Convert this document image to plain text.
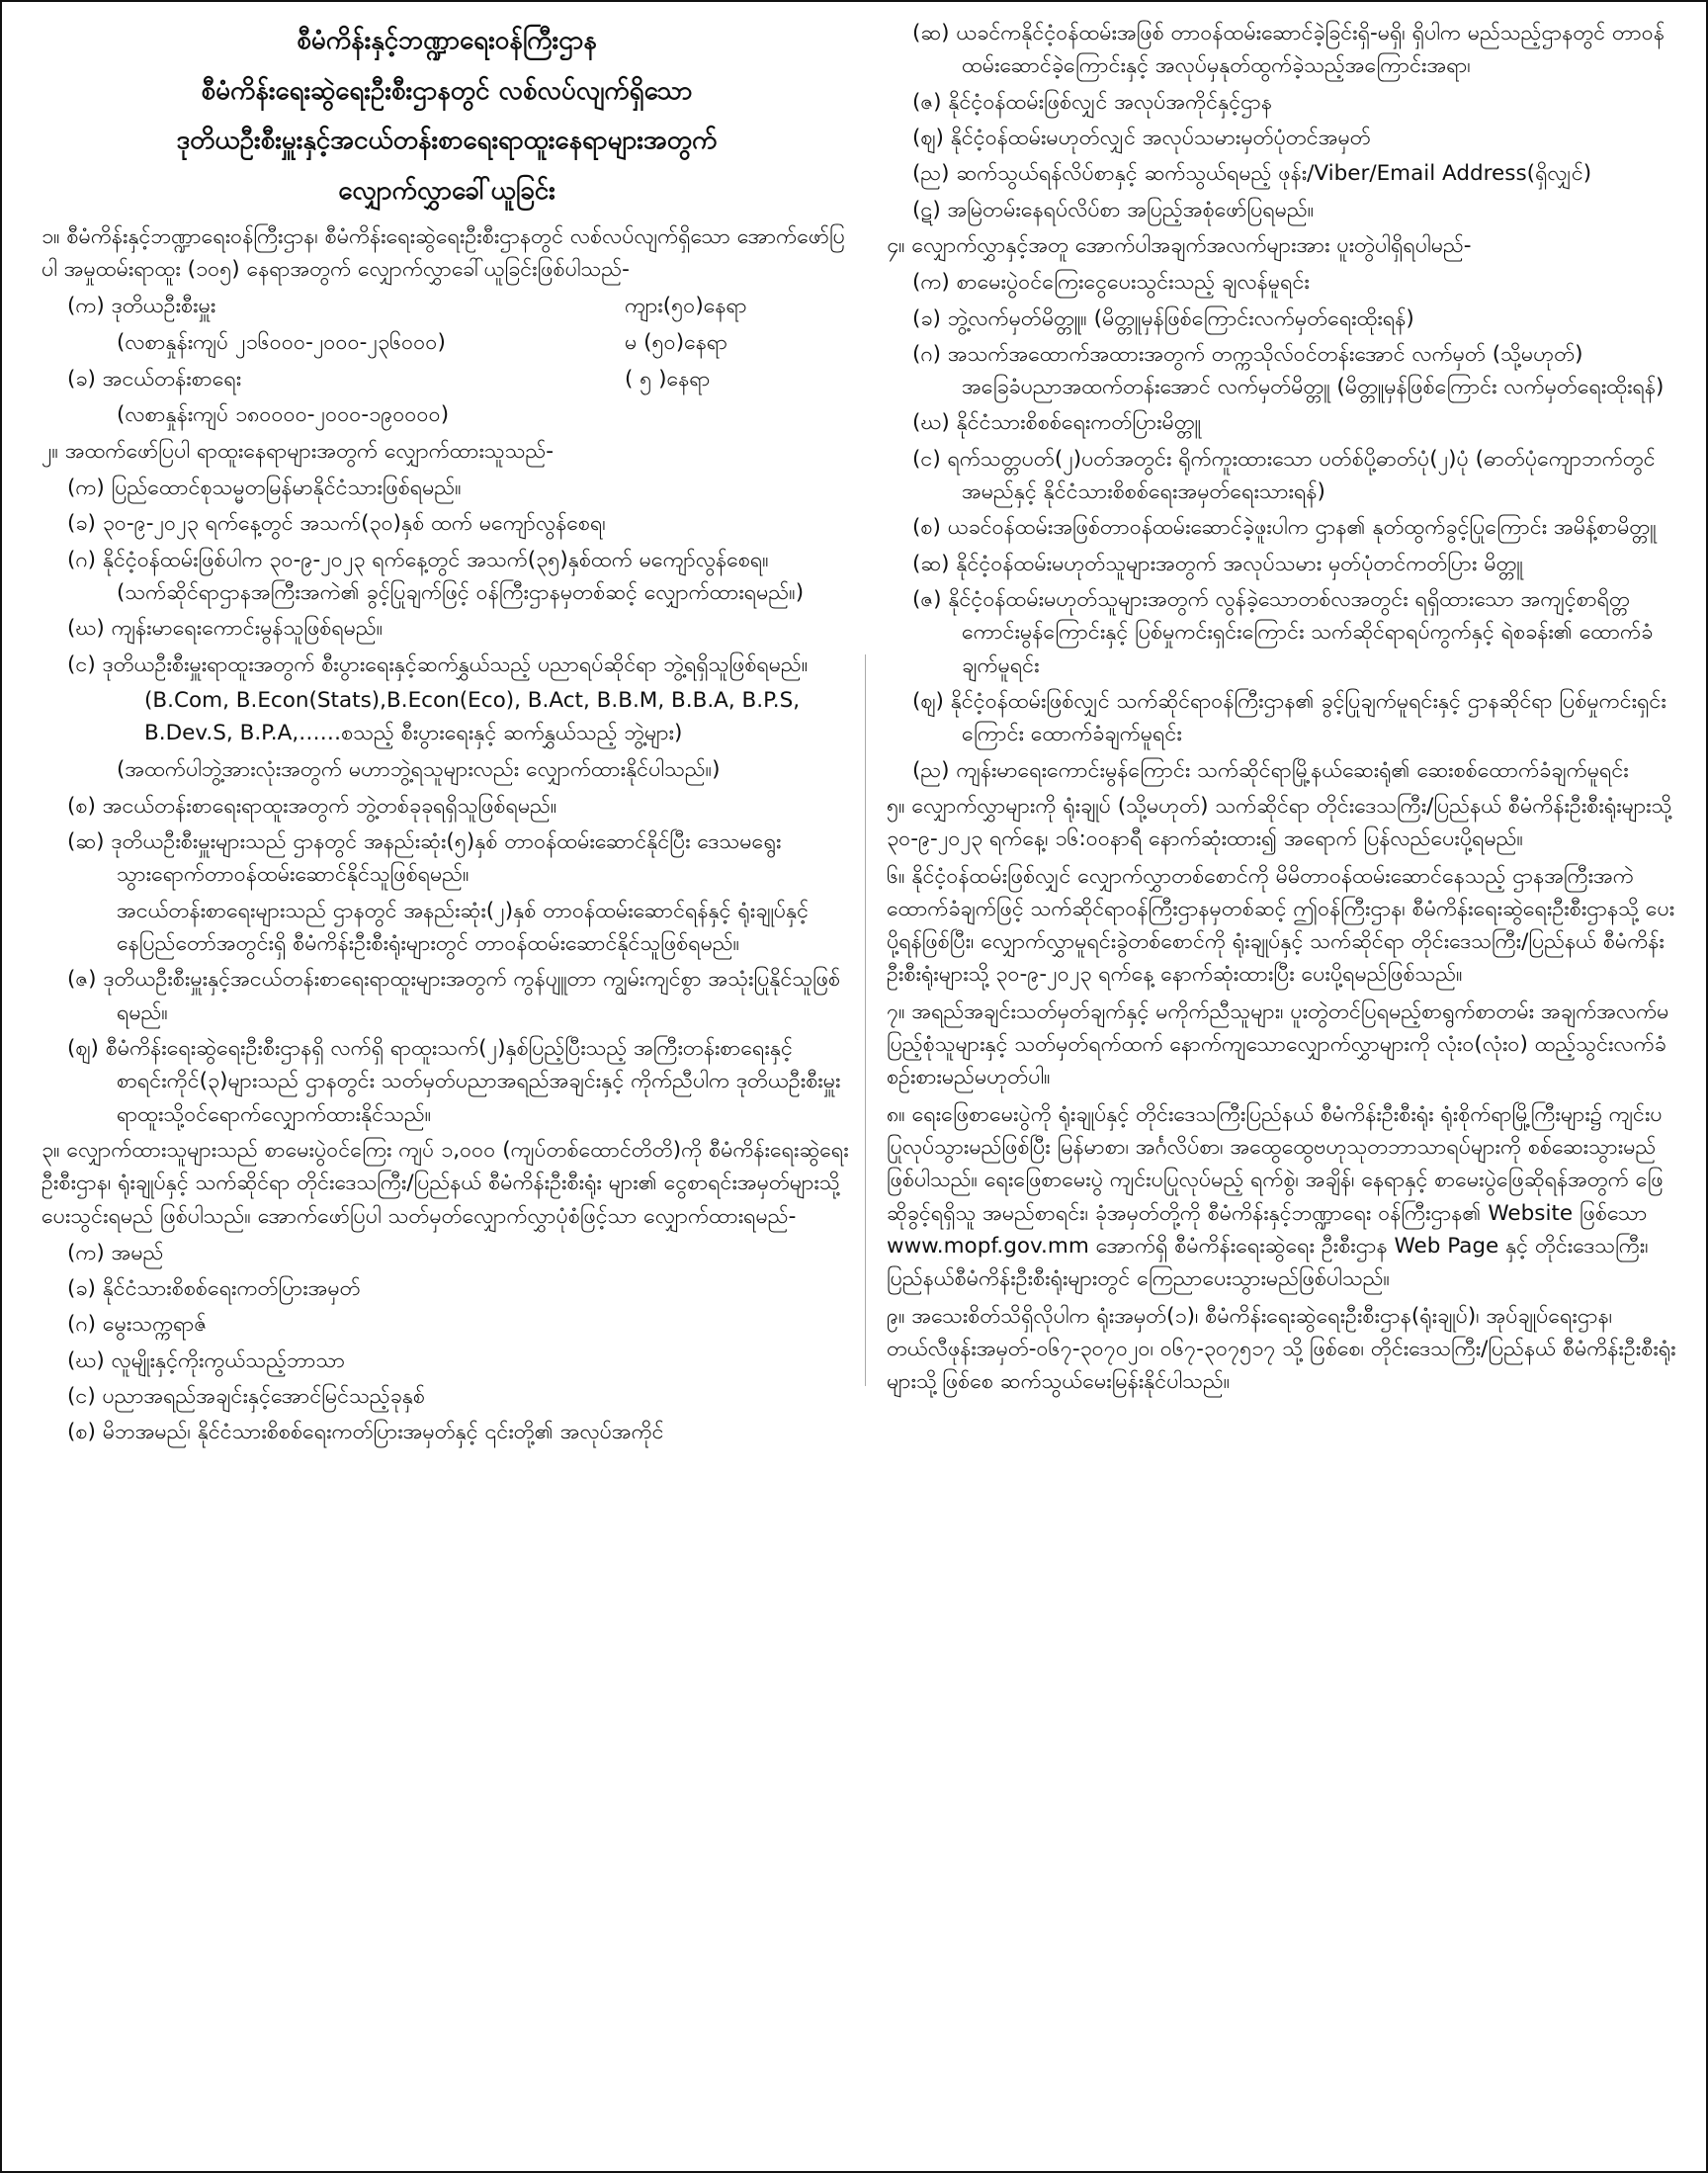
စီမံကိန်းနှင့်ဘဏ္ဍာရေးဝန်ကြီးဌာန
စီမံကိန်းရေးဆွဲရေးဦးစီးဌာနတွင် လစ်လပ်လျက်ရှိသော
ဒုတိယဦးစီးမှူးနှင့်အငယ်တန်းစာရေးရာထူးနေရာများအတွက်
လျှောက်လွှာခေါ်ယူခြင်း

၁။ စီမံကိန်းနှင့်ဘဏ္ဍာရေးဝန်ကြီးဌာန၊ စီမံကိန်းရေးဆွဲရေးဦးစီးဌာနတွင် လစ်လပ်လျက်ရှိသော အောက်ဖော်ပြပါ အမှုထမ်းရာထူး (၁၀၅) နေရာအတွက် လျှောက်လွှာခေါ်ယူခြင်းဖြစ်ပါသည်-

(က) ဒုတိယဦးစီးမှူး	ကျား(၅၀)နေရာ
(လစာနှုန်းကျပ် ၂၁၆၀၀၀-၂၀၀၀-၂၃၆၀၀၀)	မ (၅၀)နေရာ
(ခ) အငယ်တန်းစာရေး	( ၅ )နေရာ

(လစာနှုန်းကျပ် ၁၈၀၀၀၀-၂၀၀၀-၁၉၀၀၀၀)

၂။ အထက်ဖော်ပြပါ ရာထူးနေရာများအတွက် လျှောက်ထားသူသည်-

(က) ပြည်ထောင်စုသမ္မတမြန်မာနိုင်ငံသားဖြစ်ရမည်။

(ခ) ၃၀-၉-၂၀၂၃ ရက်နေ့တွင် အသက်(၃၀)နှစ် ထက် မကျော်လွန်စေရ၊

(ဂ) နိုင်ငံ့ဝန်ထမ်းဖြစ်ပါက ၃၀-၉-၂၀၂၃ ရက်နေ့တွင် အသက်(၃၅)နှစ်ထက် မကျော်လွန်စေရ။ (သက်ဆိုင်ရာဌာနအကြီးအကဲ၏ ခွင့်ပြုချက်ဖြင့် ဝန်ကြီးဌာနမှတစ်ဆင့် လျှောက်ထားရမည်။)

(ဃ) ကျန်းမာရေးကောင်းမွန်သူဖြစ်ရမည်။

(င) ဒုတိယဦးစီးမှူးရာထူးအတွက် စီးပွားရေးနှင့်ဆက်နွှယ်သည့် ပညာရပ်ဆိုင်ရာ ဘွဲ့ရရှိသူဖြစ်ရမည်။

(B.Com, B.Econ(Stats),B.Econ(Eco), B.Act, B.B.M, B.B.A, B.P.S, B.Dev.S, B.P.A,……စသည့် စီးပွားရေးနှင့် ဆက်နွှယ်သည့် ဘွဲ့များ)

(အထက်ပါဘွဲ့အားလုံးအတွက် မဟာဘွဲ့ရသူများလည်း လျှောက်ထားနိုင်ပါသည်။)

(စ) အငယ်တန်းစာရေးရာထူးအတွက် ဘွဲ့တစ်ခုခုရရှိသူဖြစ်ရမည်။

(ဆ) ဒုတိယဦးစီးမှူးများသည် ဌာနတွင် အနည်းဆုံး(၅)နှစ် တာဝန်ထမ်းဆောင်နိုင်ပြီး ဒေသမရွေး သွားရောက်တာဝန်ထမ်းဆောင်နိုင်သူဖြစ်ရမည်။

အငယ်တန်းစာရေးများသည် ဌာနတွင် အနည်းဆုံး(၂)နှစ် တာဝန်ထမ်းဆောင်ရန်နှင့် ရုံးချုပ်နှင့် နေပြည်တော်အတွင်းရှိ စီမံကိန်းဦးစီးရုံးများတွင် တာဝန်ထမ်းဆောင်နိုင်သူဖြစ်ရမည်။

(ဇ) ဒုတိယဦးစီးမှူးနှင့်အငယ်တန်းစာရေးရာထူးများအတွက် ကွန်ပျူတာ ကျွမ်းကျင်စွာ အသုံးပြုနိုင်သူဖြစ်ရမည်။

(ဈ) စီမံကိန်းရေးဆွဲရေးဦးစီးဌာနရှိ လက်ရှိ ရာထူးသက်(၂)နှစ်ပြည့်ပြီးသည့် အကြီးတန်းစာရေးနှင့် စာရင်းကိုင်(၃)များသည် ဌာနတွင်း သတ်မှတ်ပညာအရည်အချင်းနှင့် ကိုက်ညီပါက ဒုတိယဦးစီးမှူးရာထူးသို့ဝင်ရောက်လျှောက်ထားနိုင်သည်။

၃။ လျှောက်ထားသူများသည် စာမေးပွဲဝင်ကြေး ကျပ် ၁,၀၀၀ (ကျပ်တစ်ထောင်တိတိ)ကို စီမံကိန်းရေးဆွဲရေးဦးစီးဌာန၊ ရုံးချုပ်နှင့် သက်ဆိုင်ရာ တိုင်းဒေသကြီး/ပြည်နယ် စီမံကိန်းဦးစီးရုံး များ၏ ငွေစာရင်းအမှတ်များသို့ ပေးသွင်းရမည် ဖြစ်ပါသည်။ အောက်ဖော်ပြပါ သတ်မှတ်လျှောက်လွှာပုံစံဖြင့်သာ လျှောက်ထားရမည်-

(က) အမည်

(ခ) နိုင်ငံသားစိစစ်ရေးကတ်ပြားအမှတ်

(ဂ) မွေးသက္ကရာဇ်

(ဃ) လူမျိုးနှင့်ကိုးကွယ်သည့်ဘာသာ

(င) ပညာအရည်အချင်းနှင့်အောင်မြင်သည့်ခုနှစ်

(စ) မိဘအမည်၊ နိုင်ငံသားစိစစ်ရေးကတ်ပြားအမှတ်နှင့် ၎င်းတို့၏ အလုပ်အကိုင်

(ဆ) ယခင်ကနိုင်ငံ့ဝန်ထမ်းအဖြစ် တာဝန်ထမ်းဆောင်ခဲ့ခြင်းရှိ-မရှိ၊ ရှိပါက မည်သည့်ဌာနတွင် တာဝန်ထမ်းဆောင်ခဲ့ကြောင်းနှင့် အလုပ်မှနုတ်ထွက်ခဲ့သည့်အကြောင်းအရာ၊

(ဇ) နိုင်ငံ့ဝန်ထမ်းဖြစ်လျှင် အလုပ်အကိုင်နှင့်ဌာန

(ဈ) နိုင်ငံ့ဝန်ထမ်းမဟုတ်လျှင် အလုပ်သမားမှတ်ပုံတင်အမှတ်

(ည) ဆက်သွယ်ရန်လိပ်စာနှင့် ဆက်သွယ်ရမည့် ဖုန်း/Viber/Email Address(ရှိလျှင်)

(ဋ) အမြဲတမ်းနေရပ်လိပ်စာ အပြည့်အစုံဖော်ပြရမည်။

၄။ လျှောက်လွှာနှင့်အတူ အောက်ပါအချက်အလက်များအား ပူးတွဲပါရှိရပါမည်-

(က) စာမေးပွဲဝင်ကြေးငွေပေးသွင်းသည့် ချလန်မူရင်း

(ခ) ဘွဲ့လက်မှတ်မိတ္တူ။ (မိတ္တူမှန်ဖြစ်ကြောင်းလက်မှတ်ရေးထိုးရန်)

(ဂ) အသက်အထောက်အထားအတွက် တက္ကသိုလ်ဝင်တန်းအောင် လက်မှတ် (သို့မဟုတ်) အခြေခံပညာအထက်တန်းအောင် လက်မှတ်မိတ္တူ (မိတ္တူမှန်ဖြစ်ကြောင်း လက်မှတ်ရေးထိုးရန်)

(ဃ) နိုင်ငံသားစိစစ်ရေးကတ်ပြားမိတ္တူ

(င) ရက်သတ္တပတ်(၂)ပတ်အတွင်း ရိုက်ကူးထားသော ပတ်စ်ပို့ဓာတ်ပုံ(၂)ပုံ (ဓာတ်ပုံကျောဘက်တွင်အမည်နှင့် နိုင်ငံသားစိစစ်ရေးအမှတ်ရေးသားရန်)

(စ) ယခင်ဝန်ထမ်းအဖြစ်တာဝန်ထမ်းဆောင်ခဲ့ဖူးပါက ဌာန၏ နုတ်ထွက်ခွင့်ပြုကြောင်း အမိန့်စာမိတ္တူ

(ဆ) နိုင်ငံ့ဝန်ထမ်းမဟုတ်သူများအတွက် အလုပ်သမား မှတ်ပုံတင်ကတ်ပြား မိတ္တူ

(ဇ) နိုင်ငံ့ဝန်ထမ်းမဟုတ်သူများအတွက် လွန်ခဲ့သောတစ်လအတွင်း ရရှိထားသော အကျင့်စာရိတ္တကောင်းမွန်ကြောင်းနှင့် ပြစ်မှုကင်းရှင်းကြောင်း သက်ဆိုင်ရာရပ်ကွက်နှင့် ရဲစခန်း၏ ထောက်ခံချက်မူရင်း

(ဈ) နိုင်ငံ့ဝန်ထမ်းဖြစ်လျှင် သက်ဆိုင်ရာဝန်ကြီးဌာန၏ ခွင့်ပြုချက်မူရင်းနှင့် ဌာနဆိုင်ရာ ပြစ်မှုကင်းရှင်းကြောင်း ထောက်ခံချက်မူရင်း

(ည) ကျန်းမာရေးကောင်းမွန်ကြောင်း သက်ဆိုင်ရာမြို့နယ်ဆေးရုံ၏ ဆေးစစ်ထောက်ခံချက်မူရင်း

၅။ လျှောက်လွှာများကို ရုံးချုပ် (သို့မဟုတ်) သက်ဆိုင်ရာ တိုင်းဒေသကြီး/ပြည်နယ် စီမံကိန်းဦးစီးရုံးများသို့ ၃၀-၉-၂၀၂၃ ရက်နေ့၊ ၁၆:၀၀နာရီ နောက်ဆုံးထား၍ အရောက် ပြန်လည်ပေးပို့ရမည်။

၆။ နိုင်ငံ့ဝန်ထမ်းဖြစ်လျှင် လျှောက်လွှာတစ်စောင်ကို မိမိတာဝန်ထမ်းဆောင်နေသည့် ဌာနအကြီးအကဲထောက်ခံချက်ဖြင့် သက်ဆိုင်ရာဝန်ကြီးဌာနမှတစ်ဆင့် ဤဝန်ကြီးဌာန၊ စီမံကိန်းရေးဆွဲရေးဦးစီးဌာနသို့ ပေးပို့ရန်ဖြစ်ပြီး၊ လျှောက်လွှာမူရင်းခွဲတစ်စောင်ကို ရုံးချုပ်နှင့် သက်ဆိုင်ရာ တိုင်းဒေသကြီး/ပြည်နယ် စီမံကိန်းဦးစီးရုံးများသို့ ၃၀-၉-၂၀၂၃ ရက်နေ့ နောက်ဆုံးထားပြီး ပေးပို့ရမည်ဖြစ်သည်။

၇။ အရည်အချင်းသတ်မှတ်ချက်နှင့် မကိုက်ညီသူများ၊ ပူးတွဲတင်ပြရမည့်စာရွက်စာတမ်း အချက်အလက်မပြည့်စုံသူများနှင့် သတ်မှတ်ရက်ထက် နောက်ကျသောလျှောက်လွှာများကို လုံးဝ(လုံးဝ) ထည့်သွင်းလက်ခံ စဉ်းစားမည်မဟုတ်ပါ။

၈။ ရေးဖြေစာမေးပွဲကို ရုံးချုပ်နှင့် တိုင်းဒေသကြီးပြည်နယ် စီမံကိန်းဦးစီးရုံး ရုံးစိုက်ရာမြို့ကြီးများ၌ ကျင်းပပြုလုပ်သွားမည်ဖြစ်ပြီး မြန်မာစာ၊ အင်္ဂလိပ်စာ၊ အထွေထွေဗဟုသုတဘာသာရပ်များကို စစ်ဆေးသွားမည်ဖြစ်ပါသည်။ ရေးဖြေစာမေးပွဲ ကျင်းပပြုလုပ်မည့် ရက်စွဲ၊ အချိန်၊ နေရာနှင့် စာမေးပွဲဖြေဆိုရန်အတွက် ဖြေဆိုခွင့်ရရှိသူ အမည်စာရင်း၊ ခုံအမှတ်တို့ကို စီမံကိန်းနှင့်ဘဏ္ဍာရေး ဝန်ကြီးဌာန၏ Website ဖြစ်သော www.mopf.gov.mm အောက်ရှိ စီမံကိန်းရေးဆွဲရေး ဦးစီးဌာန Web Page နှင့် တိုင်းဒေသကြီး၊ ပြည်နယ်စီမံကိန်းဦးစီးရုံးများတွင် ကြေညာပေးသွားမည်ဖြစ်ပါသည်။

၉။ အသေးစိတ်သိရှိလိုပါက ရုံးအမှတ်(၁)၊ စီမံကိန်းရေးဆွဲရေးဦးစီးဌာန(ရုံးချုပ်)၊ အုပ်ချုပ်ရေးဌာန၊ တယ်လီဖုန်းအမှတ်-၀၆၇-၃၀၇၀၂၀၊ ၀၆၇-၃၀၇၅၁၇ သို့ ဖြစ်စေ၊ တိုင်းဒေသကြီး/ပြည်နယ် စီမံကိန်းဦးစီးရုံးများသို့ဖြစ်စေ ဆက်သွယ်မေးမြန်းနိုင်ပါသည်။
